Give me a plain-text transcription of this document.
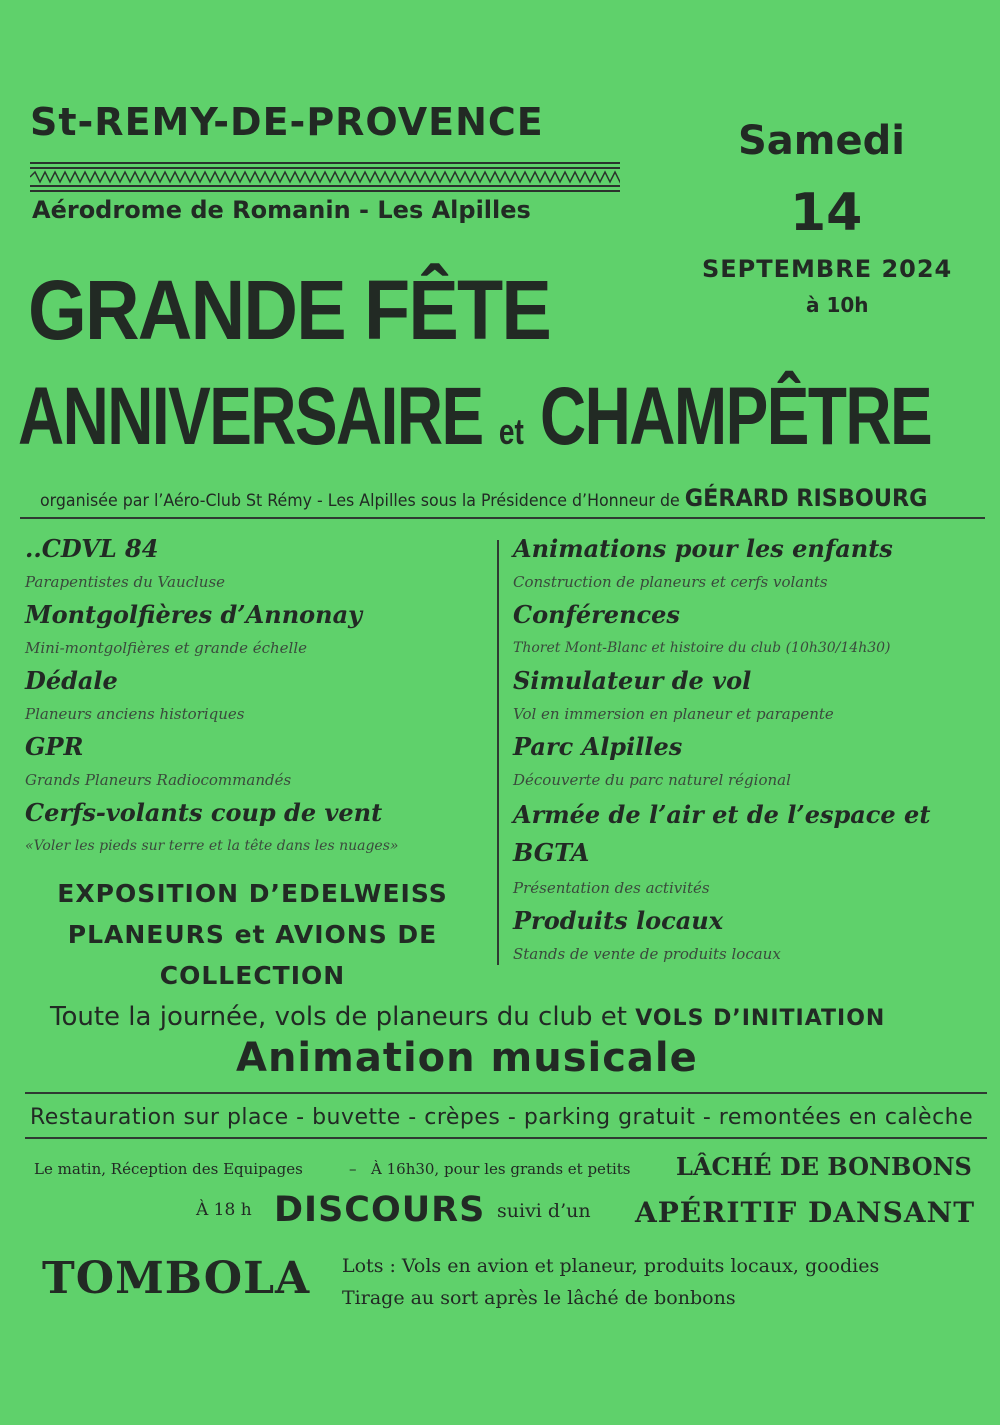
St-REMY-DE-PROVENCE
Aérodrome de Romanin - Les Alpilles
Samedi
14
SEPTEMBRE 2024
à 10h
GRANDE FÊTE
ANNIVERSAIRE et CHAMPÊTRE
organisée par l’Aéro-Club St Rémy - Les Alpilles sous la Présidence d’Honneur de GÉRARD RISBOURG
..CDVL 84
Parapentistes du Vaucluse
Montgolfières d’Annonay
Mini-montgolfières et grande échelle
Dédale
Planeurs anciens historiques
GPR
Grands Planeurs Radiocommandés
Cerfs-volants coup de vent
«Voler les pieds sur terre et la tête dans les nuages»
Animations pour les enfants
Construction de planeurs et cerfs volants
Conférences
Thoret Mont-Blanc et histoire du club (10h30/14h30)
Simulateur de vol
Vol en immersion en planeur et parapente
Parc Alpilles
Découverte du parc naturel régional
Armée de l’air et de l’espace et BGTA
Présentation des activités
Produits locaux
Stands de vente de produits locaux
EXPOSITION D’EDELWEISS
PLANEURS et AVIONS DE
COLLECTION
Toute la journée, vols de planeurs du club et VOLS D’INITIATION
Animation musicale
Restauration sur place - buvette - crèpes - parking gratuit - remontées en calèche
Le matin, Réception des Equipages	– À 16h30, pour les grands et petits LÂCHÉ DE BONBONS
À 18 h DISCOURS suivi d’un APÉRITIF DANSANT
TOMBOLA Lots : Vols en avion et planeur, produits locaux, goodies
Tirage au sort après le lâché de bonbons
